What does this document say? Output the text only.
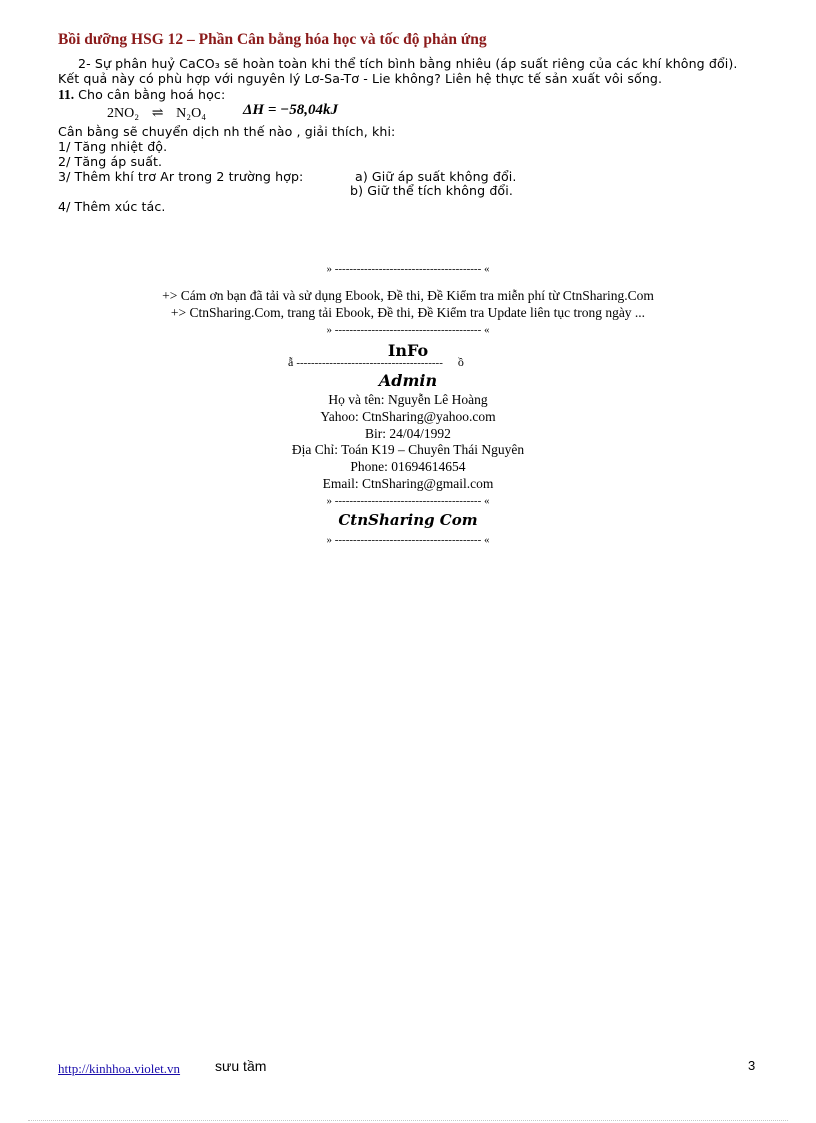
Bồi dưỡng HSG 12 – Phần Cân bằng hóa học và tốc độ phản ứng
2- Sự phân huỷ CaCO₃ sẽ hoàn toàn khi thể tích bình bằng nhiêu (áp suất riêng của các khí không đổi).
Kết quả này có phù hợp với nguyên lý Lơ-Sa-Tơ - Lie không? Liên hệ thực tế sản xuất vôi sống.
11. Cho cân bằng hoá học:
2NO₂ ⇌ N₂O₄ ΔH = −58,04kJ
Cân bằng sẽ chuyển dịch nh thế nào , giải thích, khi:
1/ Tăng nhiệt độ.
2/ Tăng áp suất.
3/ Thêm khí trơ Ar trong 2 trường hợp:	a) Giữ áp suất không đổi.
b) Giữ thể tích không đổi.
4/ Thêm xúc tác.
» ---------------------------------------- «
+> Cám ơn bạn đã tải và sử dụng Ebook, Đề thi, Đề Kiểm tra miễn phí từ CtnSharing.Com
+> CtnSharing.Com, trang tải Ebook, Đề thi, Đề Kiểm tra Update liên tục trong ngày ...
» ---------------------------------------- «
InFo
ẫ ---------------------------------------- ồ
Admin
Họ và tên: Nguyễn Lê Hoàng
Yahoo: CtnSharing@yahoo.com
Bir: 24/04/1992
Địa Chỉ: Toán K19 – Chuyên Thái Nguyên
Phone: 01694614654
Email: CtnSharing@gmail.com
» ---------------------------------------- «
CtnSharing Com
» ---------------------------------------- «
http://kinhhoa.violet.vn sưu tầm	3
